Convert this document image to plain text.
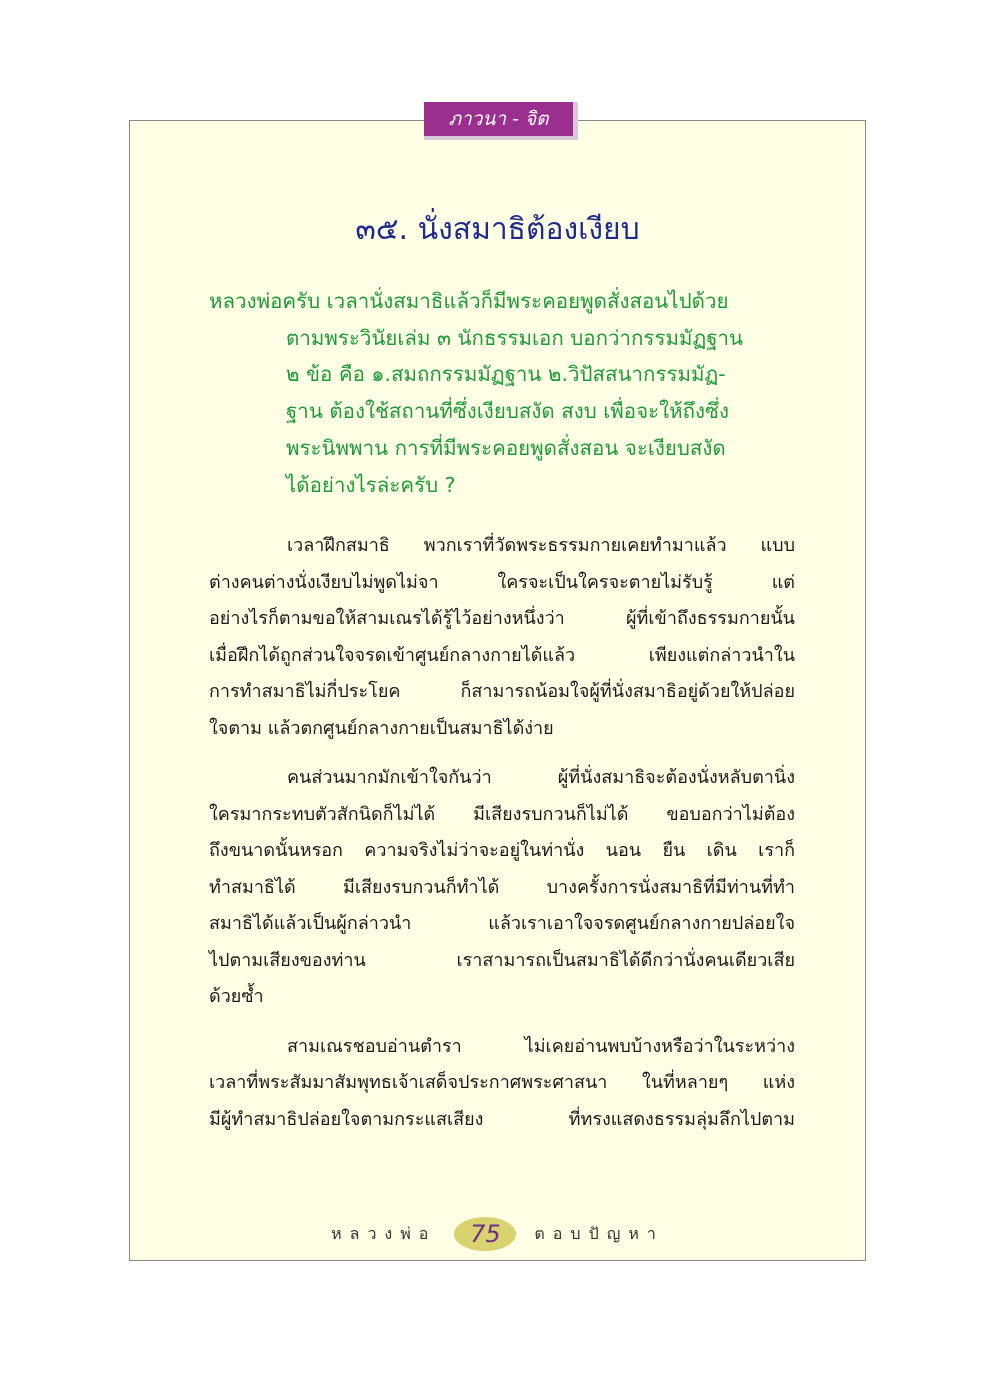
ภาวนา - จิต
๓๕. นั่งสมาธิต้องเงียบ
หลวงพ่อครับ เวลานั่งสมาธิแล้วก็มีพระคอยพูดสั่งสอนไปด้วย
ตามพระวินัยเล่ม ๓ นักธรรมเอก บอกว่ากรรมมัฏฐาน
๒ ข้อ คือ ๑.สมถกรรมมัฏฐาน ๒.วิปัสสนากรรมมัฏ-
ฐาน ต้องใช้สถานที่ซึ่งเงียบสงัด สงบ เพื่อจะให้ถึงซึ่ง
พระนิพพาน การที่มีพระคอยพูดสั่งสอน จะเงียบสงัด
ได้อย่างไรล่ะครับ ?
เวลาฝึกสมาธิ พวกเราที่วัดพระธรรมกายเคยทำมาแล้ว แบบ
ต่างคนต่างนั่งเงียบไม่พูดไม่จา ใครจะเป็นใครจะตายไม่รับรู้ แต่
อย่างไรก็ตามขอให้สามเณรได้รู้ไว้อย่างหนึ่งว่า ผู้ที่เข้าถึงธรรมกายนั้น
เมื่อฝึกได้ถูกส่วนใจจรดเข้าศูนย์กลางกายได้แล้ว เพียงแต่กล่าวนำใน
การทำสมาธิไม่กี่ประโยค ก็สามารถน้อมใจผู้ที่นั่งสมาธิอยู่ด้วยให้ปล่อย
ใจตาม แล้วตกศูนย์กลางกายเป็นสมาธิได้ง่าย
คนส่วนมากมักเข้าใจกันว่า ผู้ที่นั่งสมาธิจะต้องนั่งหลับตานิ่ง
ใครมากระทบตัวสักนิดก็ไม่ได้ มีเสียงรบกวนก็ไม่ได้ ขอบอกว่าไม่ต้อง
ถึงขนาดนั้นหรอก ความจริงไม่ว่าจะอยู่ในท่านั่ง นอน ยืน เดิน เราก็
ทำสมาธิได้ มีเสียงรบกวนก็ทำได้ บางครั้งการนั่งสมาธิที่มีท่านที่ทำ
สมาธิได้แล้วเป็นผู้กล่าวนำ แล้วเราเอาใจจรดศูนย์กลางกายปล่อยใจ
ไปตามเสียงของท่าน เราสามารถเป็นสมาธิได้ดีกว่านั่งคนเดียวเสีย
ด้วยซ้ำ
สามเณรชอบอ่านตำรา ไม่เคยอ่านพบบ้างหรือว่าในระหว่าง
เวลาที่พระสัมมาสัมพุทธเจ้าเสด็จประกาศพระศาสนา ในที่หลายๆ แห่ง
มีผู้ทำสมาธิปล่อยใจตามกระแสเสียง ที่ทรงแสดงธรรมลุ่มลึกไปตาม
หลวงพ่อ 75 ตอบปัญหา
